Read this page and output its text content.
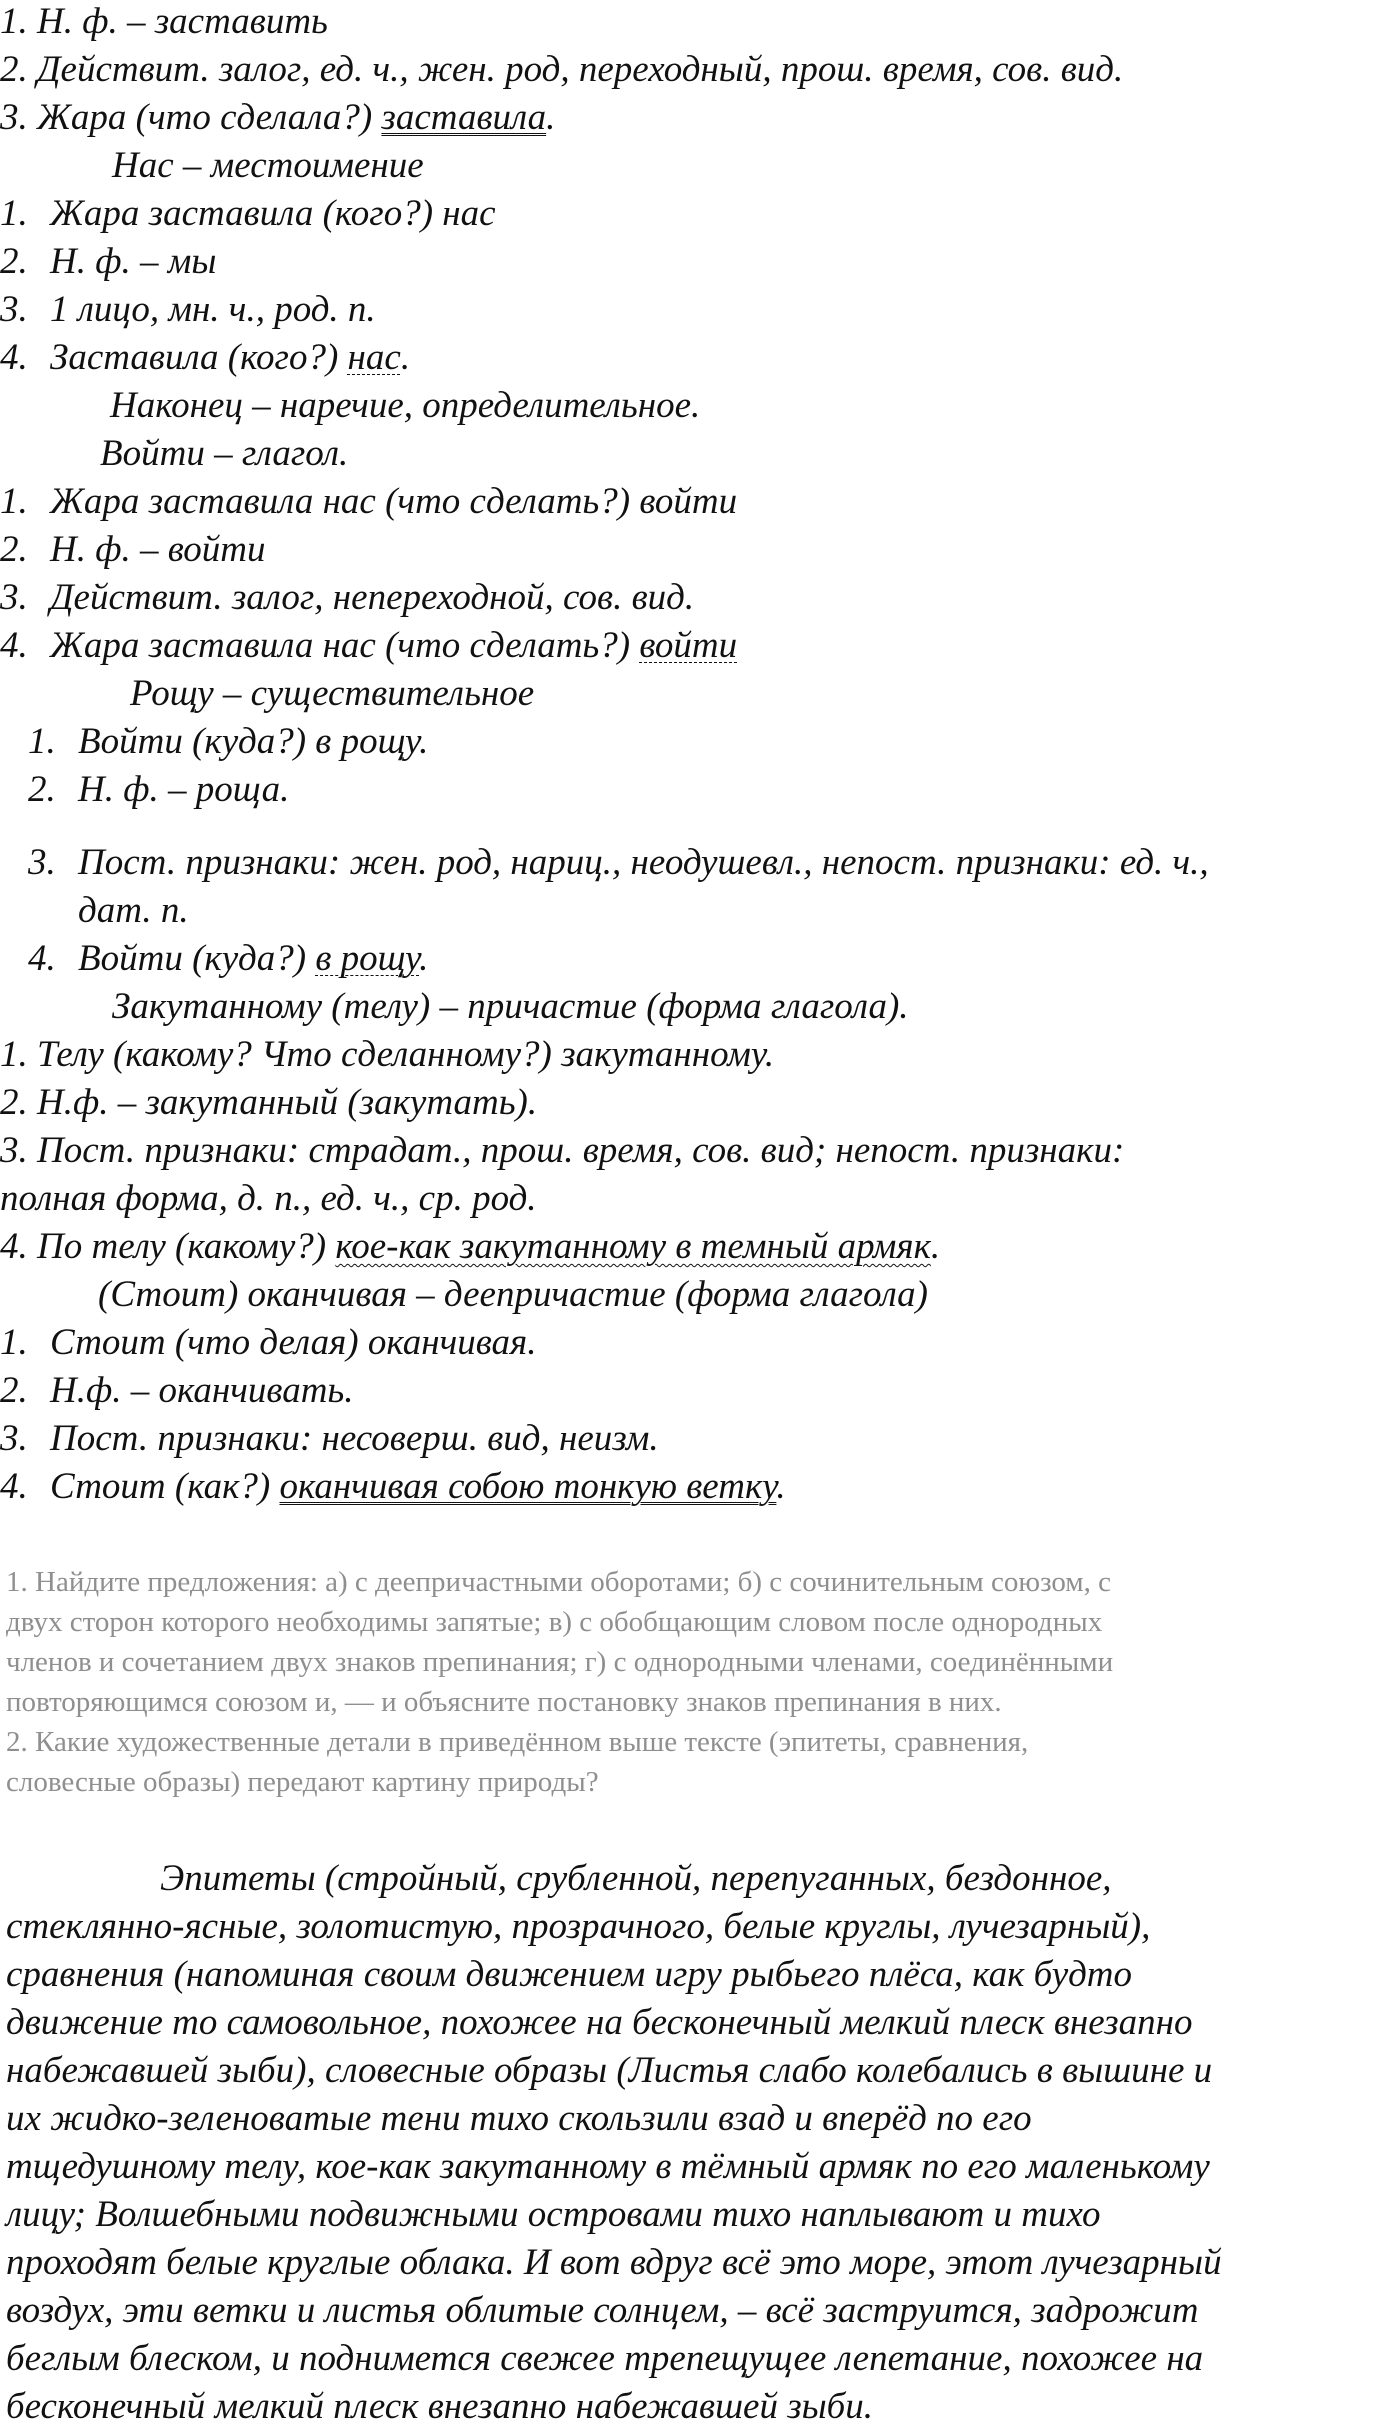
1. Н. ф. – заставить
2. Действит. залог, ед. ч., жен. род, переходный, прош. время, сов. вид.
3. Жара (что сделала?) заставила.
Нас – местоимение
1. Жара заставила (кого?) нас
2. Н. ф. – мы
3. 1 лицо, мн. ч., род. п.
4. Заставила (кого?) нас.
Наконец – наречие, определительное.
Войти – глагол.
1. Жара заставила нас (что сделать?) войти
2. Н. ф. – войти
3. Действит. залог, непереходной, сов. вид.
4. Жара заставила нас (что сделать?) войти
Рощу – существительное
1. Войти (куда?) в рощу.
2. Н. ф. – роща.
3. Пост. признаки: жен. род, нариц., неодушевл., непост. признаки: ед. ч.,
дат. п.
4. Войти (куда?) в рощу.
Закутанному (телу) – причастие (форма глагола).
1. Телу (какому? Что сделанному?) закутанному.
2. Н.ф. – закутанный (закутать).
3. Пост. признаки: страдат., прош. время, сов. вид; непост. признаки:
полная форма, д. п., ед. ч., ср. род.
4. По телу (какому?) кое-как закутанному в темный армяк.
(Стоит) оканчивая – деепричастие (форма глагола)
1. Стоит (что делая) оканчивая.
2. Н.ф. – оканчивать.
3. Пост. признаки: несоверш. вид, неизм.
4. Стоит (как?) оканчивая собою тонкую ветку.
1. Найдите предложения: а) с деепричастными оборотами; б) с сочинительным союзом, с
двух сторон которого необходимы запятые; в) с обобщающим словом после однородных
членов и сочетанием двух знаков препинания; г) с однородными членами, соединёнными
повторяющимся союзом и, — и объясните постановку знаков препинания в них.
2. Какие художественные детали в приведённом выше тексте (эпитеты, сравнения,
словесные образы) передают картину природы?
Эпитеты (стройный, срубленной, перепуганных, бездонное,
стеклянно-ясные, золотистую, прозрачного, белые круглы, лучезарный),
сравнения (напоминая своим движением игру рыбьего плёса, как будто
движение то самовольное, похожее на бесконечный мелкий плеск внезапно
набежавшей зыби), словесные образы (Листья слабо колебались в вышине и
их жидко-зеленоватые тени тихо скользили взад и вперёд по его
тщедушному телу, кое-как закутанному в тёмный армяк по его маленькому
лицу; Волшебными подвижными островами тихо наплывают и тихо
проходят белые круглые облака. И вот вдруг всё это море, этот лучезарный
воздух, эти ветки и листья облитые солнцем, – всё заструится, задрожит
беглым блеском, и поднимется свежее трепещущее лепетание, похожее на
бесконечный мелкий плеск внезапно набежавшей зыби.
